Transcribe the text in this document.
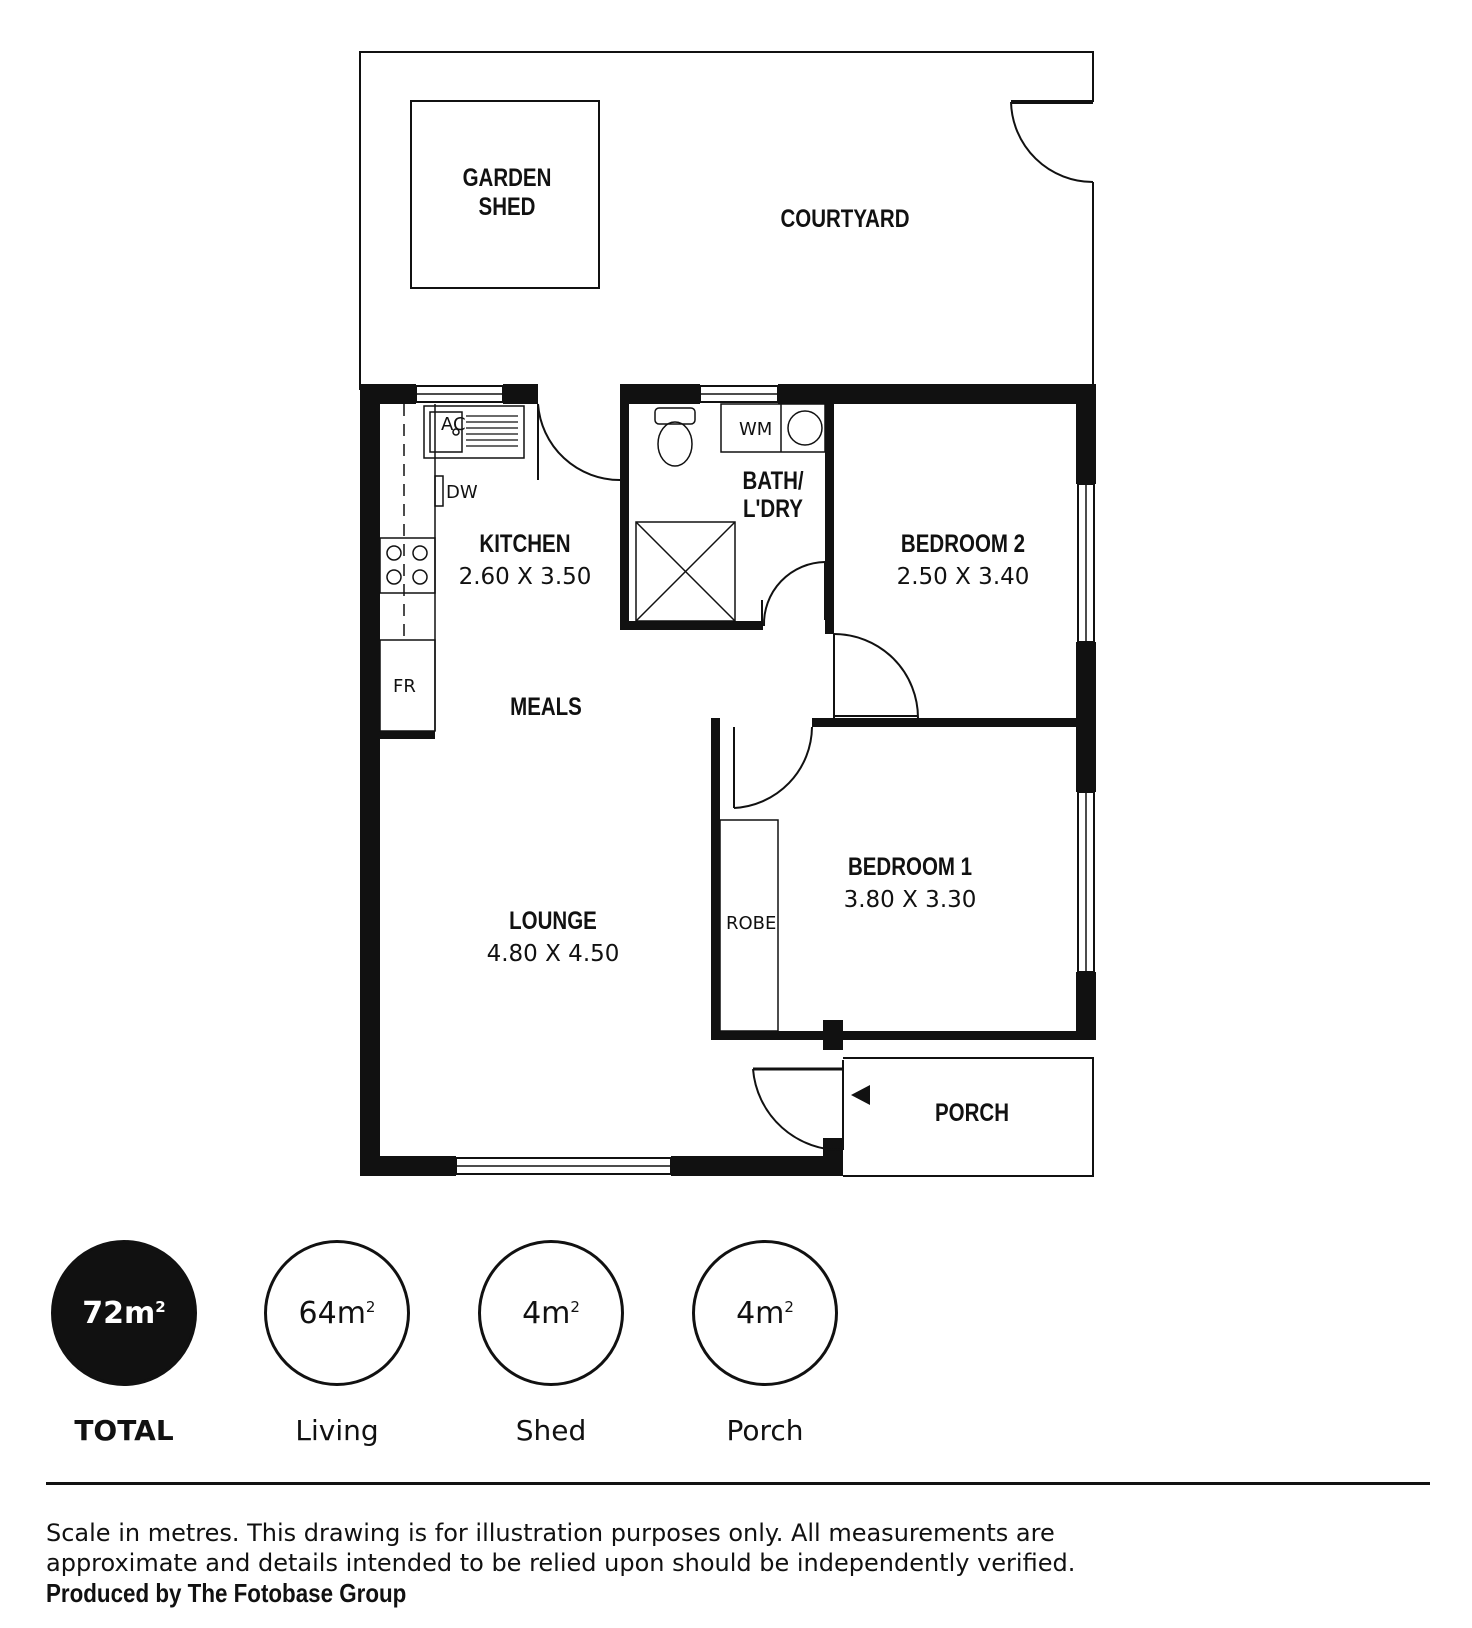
COURTYARD
GARDEN
SHED
KITCHEN
2.60 X 3.50
BATH/
L'DRY
BEDROOM 2
2.50 X 3.40
MEALS
LOUNGE
4.80 X 4.50
BEDROOM 1
3.80 X 3.30
PORCH
AC
DW
WM
FR
ROBE
$72m^2$
TOTAL
$64m^2$
Living
$4m^2$
Shed
$4m^2$
Porch
Scale in metres. This drawing is for illustration purposes only. All measurements are
approximate and details intended to be relied upon should be independently verified. Produced by The Fotobase Group
